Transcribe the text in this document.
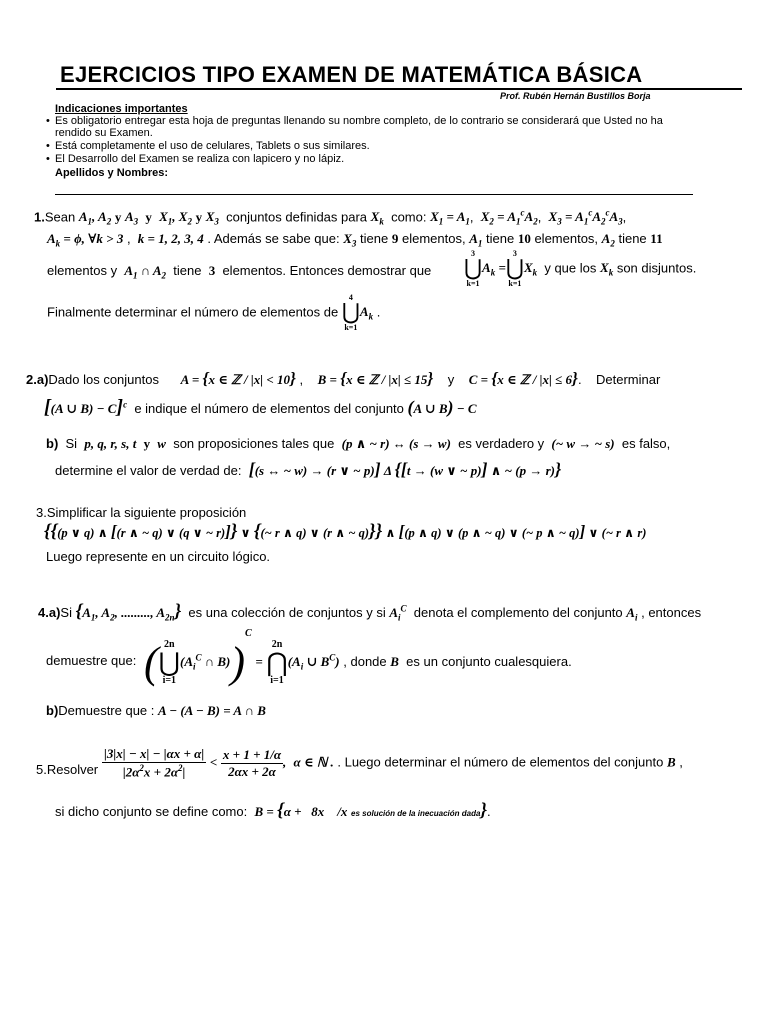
EJERCICIOS TIPO EXAMEN DE MATEMÁTICA BÁSICA
Prof. Rubén Hernán Bustillos Borja
Indicaciones importantes
• Es obligatorio entregar esta hoja de preguntas llenando su nombre completo, de lo contrario se considerará que Usted no ha
rendido su Examen.
• Está completamente el uso de celulares, Tablets o sus similares.
• El Desarrollo del Examen se realiza con lapicero y no lápiz.
Apellidos y Nombres:
1.Sean $A_1$, $A_2$ y $A_3$ y $X_1$, $X_2$ y $X_3$ conjuntos definidas para $X_k$ como: $X_1 = A_1$,  $X_2 = A_1^cA_2$,  $X_3 = A_1^cA_2^cA_3$,
$A_k = \phi$, ∀k > 3 ,  k = 1, 2, 3, 4 . Además se sabe que: $X_3$ tiene 9 elementos, $A_1$ tiene 10 elementos, $A_2$ tiene 11
elementos y $A_1$ ∩ $A_2$ tiene 3 elementos. Entonces demostrar que
3
⋃
k=1
$A_k$ =
3
⋃
k=1
$X_k$ y que los $X_k$ son disjuntos.
Finalmente determinar el número de elementos de
4
⋃
k=1
$A_k$ .
2.a)Dado los conjuntos A = {x ∈ ℤ / |x| < 10} ,    B = {x ∈ ℤ / |x| ≤ 15} y C = {x ∈ ℤ / |x| ≤ 6}.    Determinar
[(A ∪ B) − C]$^c$ e indique el número de elementos del conjunto (A ∪ B) − C
b) Si p, q, r, s, t y w son proposiciones tales que (p ∧ ~ r) ↔ (s → w) es verdadero y (~ w → ~ s) es falso,
determine el valor de verdad de: [(s ↔ ~ w) → (r ∨ ~ p)] Δ {[t → (w ∨ ~ p)] ∧ ~ (p → r)}
3.Simplificar la siguiente proposición
{{(p ∨ q) ∧ [(r ∧ ~ q) ∨ (q ∨ ~ r)]} ∨ {(~ r ∧ q) ∨ (r ∧ ~ q)}} ∧ [(p ∧ q) ∨ (p ∧ ~ q) ∨ (~ p ∧ ~ q)] ∨ (~ r ∧ r)
Luego represente en un circuito lógico.
4.a)Si {$A_1$, $A_2$, ........., $A_{2n}$} es una colección de conjuntos y si $A_i^C$ denota el complemento del conjunto $A_i$ , entonces
demuestre que: ( 2n
⋃
i=1
($A_i^C$ ∩ B))$^C$ =
2n
⋂
i=1
($A_i$ ∪ $B^C$) , donde B es un conjunto cualesquiera.
b)Demuestre que : A − (A − B) = A ∩ B
5.Resolver $\frac{|3|x| - x| - |\alpha x + \alpha|}{|2\alpha^2x + 2\alpha^2|} < \frac{x + 1 + 1/\alpha}{2\alpha x + 2\alpha}$ , α ∈ ℕ . . Luego determinar el número de elementos del conjunto B ,
si dicho conjunto se define como: B = {α +   8x    /x es solución de la inecuación dada}.
